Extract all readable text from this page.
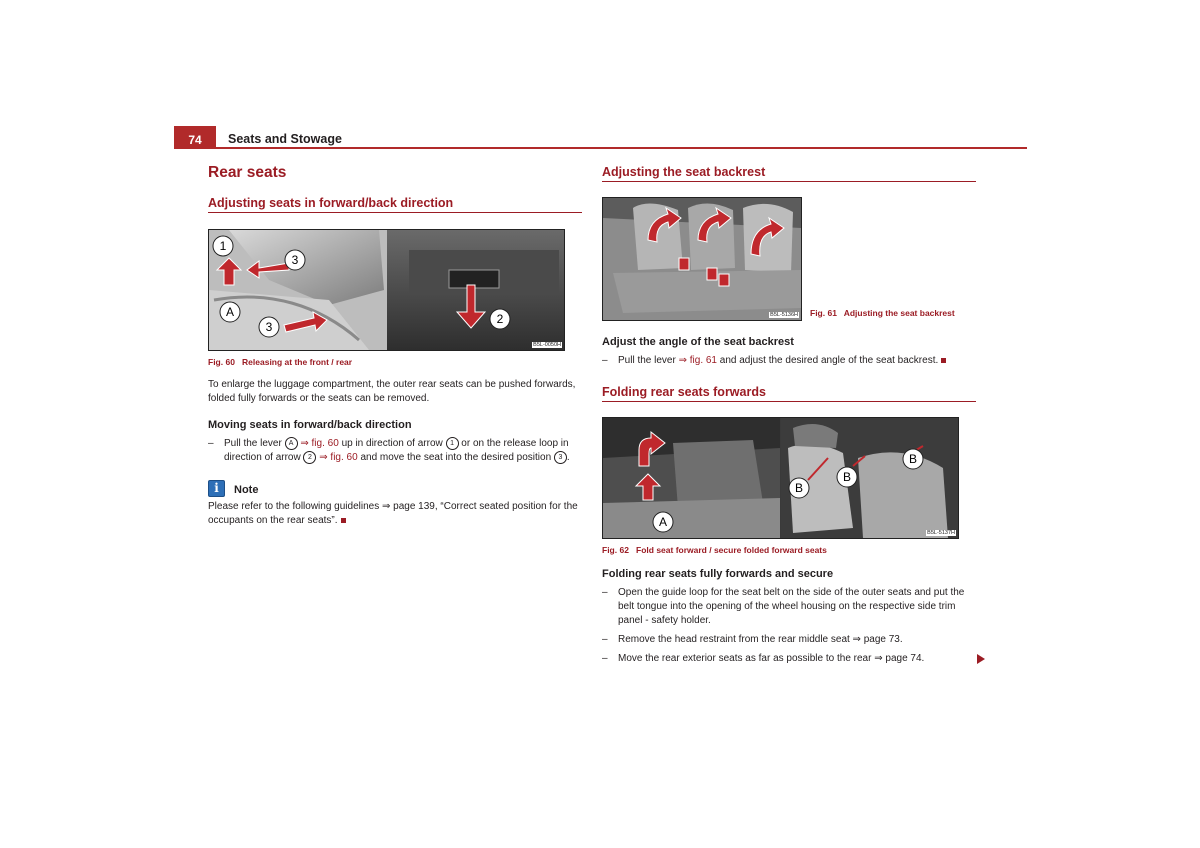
74	Seats and Stowage
Rear seats
Adjusting seats in forward/back direction
1
3
A
3
2
B5L-0050H
Fig. 60 Releasing at the front / rear
To enlarge the luggage compartment, the outer rear seats can be pushed forwards, folded fully forwards or the seats can be removed.
Moving seats in forward/back direction
– Pull the lever A ⇒ fig. 60 up in direction of arrow 1 or on the release loop in direction of arrow 2 ⇒ fig. 60 and move the seat into the desired position 3 .
i	Note
Please refer to the following guidelines ⇒ page 139, “Correct seated position for the occupants on the rear seats”.
Adjusting the seat backrest
B5L-5136H Fig. 61 Adjusting the seat backrest
Adjust the angle of the seat backrest
– Pull the lever ⇒ fig. 61 and adjust the desired angle of the seat backrest.
Folding rear seats forwards
A
B
B
B
B5L-5137H
Fig. 62 Fold seat forward / secure folded forward seats
Folding rear seats fully forwards and secure
– Open the guide loop for the seat belt on the side of the outer seats and put the belt tongue into the opening of the wheel housing on the respective side trim panel - safety holder.
– Remove the head restraint from the rear middle seat ⇒ page 73.
– Move the rear exterior seats as far as possible to the rear ⇒ page 74.
